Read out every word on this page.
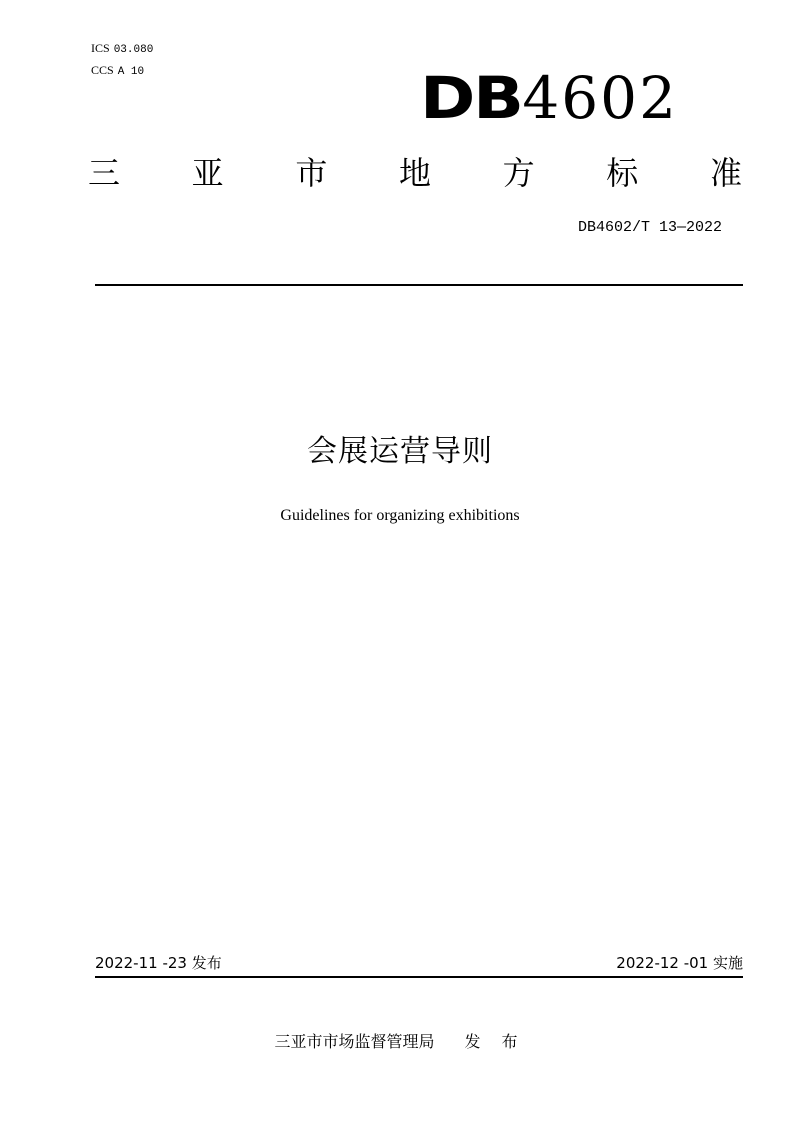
ICS 03.080
CCS A 10	DB4602
三 亚 市 地 方 标 准
DB4602/T 13—2022
会展运营导则
Guidelines for organizing exhibitions
2022-11 -23 发布	2022-12 -01 实施
三亚市市场监督管理局 发 布
